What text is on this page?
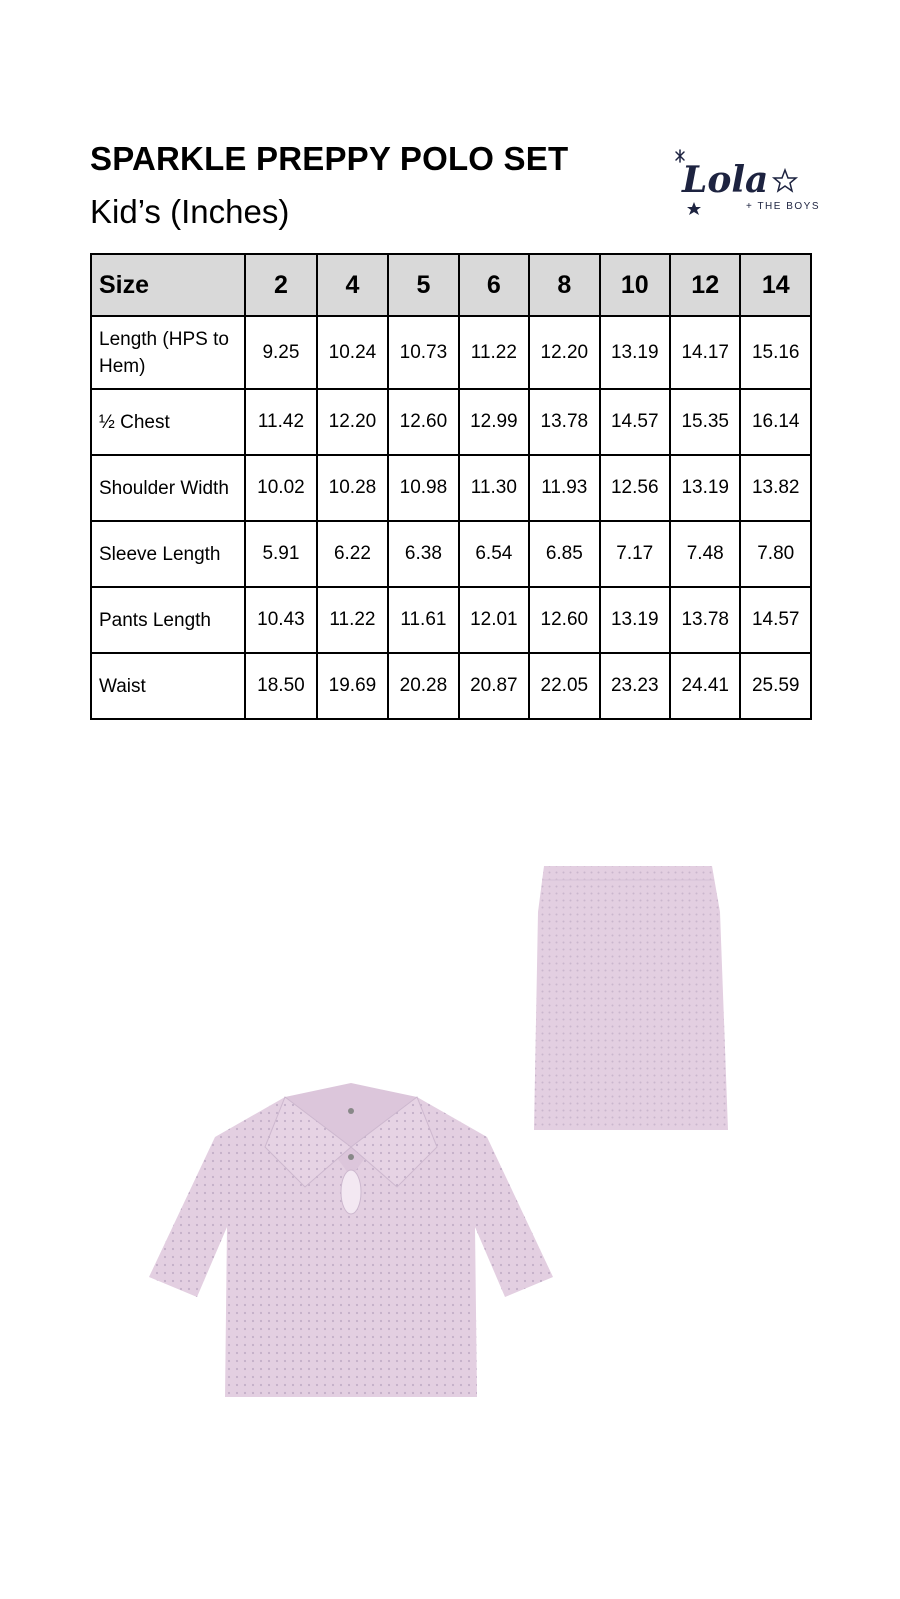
SPARKLE PREPPY POLO SET
Kid’s (Inches)
Lola
+ THE BOYS
Size	2	4	5	6	8	10	12	14
Length (HPS to Hem)	9.25	10.24	10.73	11.22	12.20	13.19	14.17	15.16
½ Chest	11.42	12.20	12.60	12.99	13.78	14.57	15.35	16.14
Shoulder Width	10.02	10.28	10.98	11.30	11.93	12.56	13.19	13.82
Sleeve Length	5.91	6.22	6.38	6.54	6.85	7.17	7.48	7.80
Pants Length	10.43	11.22	11.61	12.01	12.60	13.19	13.78	14.57
Waist	18.50	19.69	20.28	20.87	22.05	23.23	24.41	25.59
